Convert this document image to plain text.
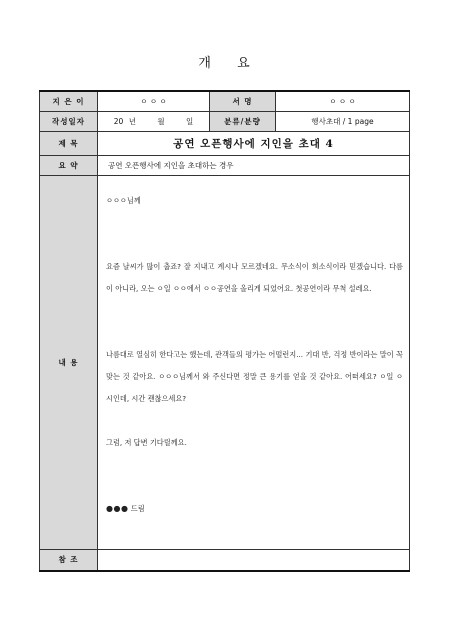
개 요
지 은 이	ㅇ ㅇ ㅇ	서 명	ㅇ ㅇ ㅇ
작성일자	20 년 월 일	분류/분량	행사초대 / 1 page
제 목	공연 오픈행사에 지인을 초대 4		
요 약	공연 오픈행사에 지인을 초대하는 경우		
내 용	ㅇㅇㅇ님께

요즘 날씨가 많이 춥죠? 잘 지내고 계시나 모르겠네요. 무소식이 희소식이라 믿겠습니다. 다름이 아니라, 오는 ㅇ일 ㅇㅇ에서 ㅇㅇ공연을 올리게 되었어요. 첫공연이라 무척 설레요.

나름대로 열심히 한다고는 했는데, 관객들의 평가는 어떨런지... 기대 반, 걱정 반이라는 말이 꼭 맞는 것 같아요. ㅇㅇㅇ님께서 와 주신다면 정말 큰 용기를 얻을 것 같아요. 어떠세요? ㅇ일 ㅇ시인데, 시간 괜찮으세요?

그럼, 저 답변 기다릴께요.

●●● 드림		

참 조			
